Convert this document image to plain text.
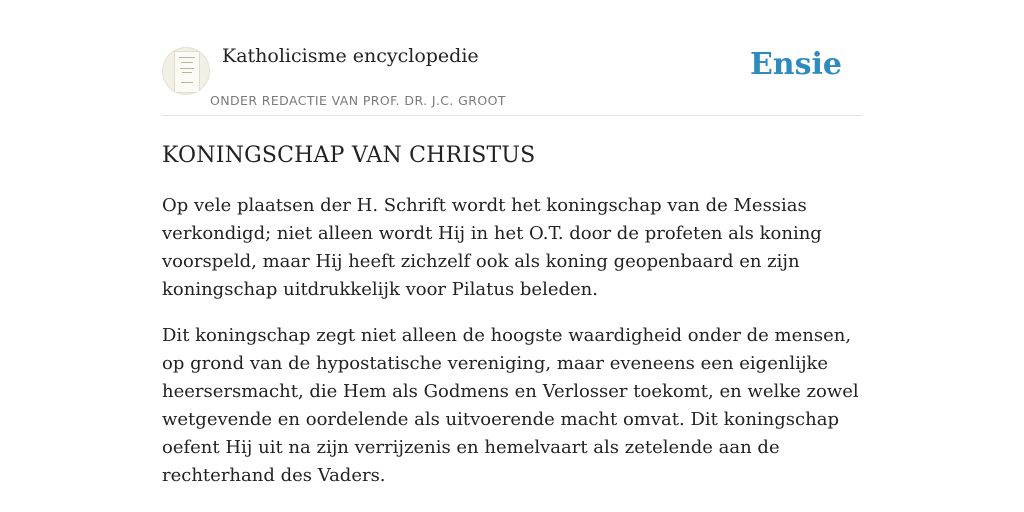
Katholicisme encyclopedie
ONDER REDACTIE VAN PROF. DR. J.C. GROOT
Ensie
KONINGSCHAP VAN CHRISTUS

Op vele plaatsen der H. Schrift wordt het koningschap van de Messias verkondigd; niet alleen wordt Hij in het O.T. door de profeten als koning voorspeld, maar Hij heeft zichzelf ook als koning geopenbaard en zijn koningschap uitdrukkelijk voor Pilatus beleden.

Dit koningschap zegt niet alleen de hoogste waardigheid onder de mensen, op grond van de hypostatische vereniging, maar eveneens een eigenlijke heersersmacht, die Hem als Godmens en Verlosser toekomt, en welke zowel wetgevende en oordelende als uitvoerende macht omvat. Dit koningschap oefent Hij uit na zijn verrijzenis en hemelvaart als zetelende aan de rechterhand des Vaders.
